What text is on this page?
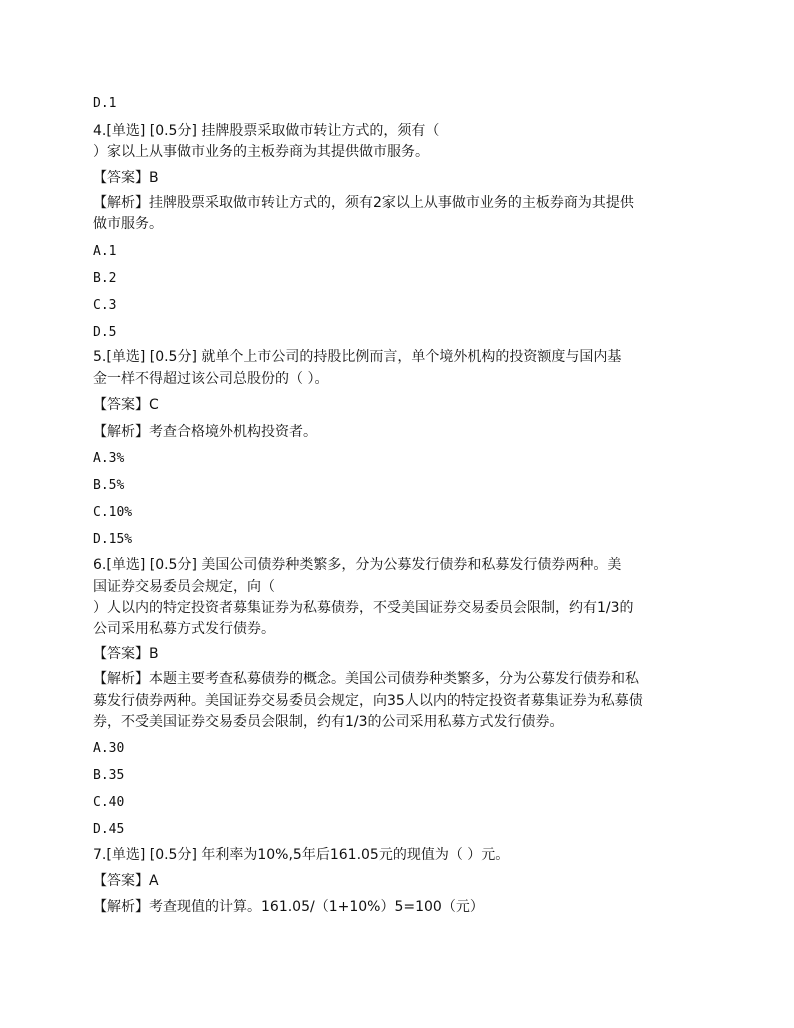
D.1
4.[单选] [0.5分] 挂牌股票采取做市转让方式的，须有（
）家以上从事做市业务的主板券商为其提供做市服务。
【答案】B
【解析】挂牌股票采取做市转让方式的，须有2家以上从事做市业务的主板券商为其提供
做市服务。
A.1
B.2
C.3
D.5
5.[单选] [0.5分] 就单个上市公司的持股比例而言，单个境外机构的投资额度与国内基
金一样不得超过该公司总股份的（ ）。
【答案】C
【解析】考查合格境外机构投资者。
A.3%
B.5%
C.10%
D.15%
6.[单选] [0.5分] 美国公司债券种类繁多，分为公募发行债券和私募发行债券两种。美
国证券交易委员会规定，向（
）人以内的特定投资者募集证券为私募债券，不受美国证券交易委员会限制，约有1/3的
公司采用私募方式发行债券。
【答案】B
【解析】本题主要考查私募债券的概念。美国公司债券种类繁多，分为公募发行债券和私
募发行债券两种。美国证券交易委员会规定，向35人以内的特定投资者募集证券为私募债
券，不受美国证券交易委员会限制，约有1/3的公司采用私募方式发行债券。
A.30
B.35
C.40
D.45
7.[单选] [0.5分] 年利率为10%,5年后161.05元的现值为（ ）元。
【答案】A
【解析】考查现值的计算。161.05/（1+10%）5=100（元）
